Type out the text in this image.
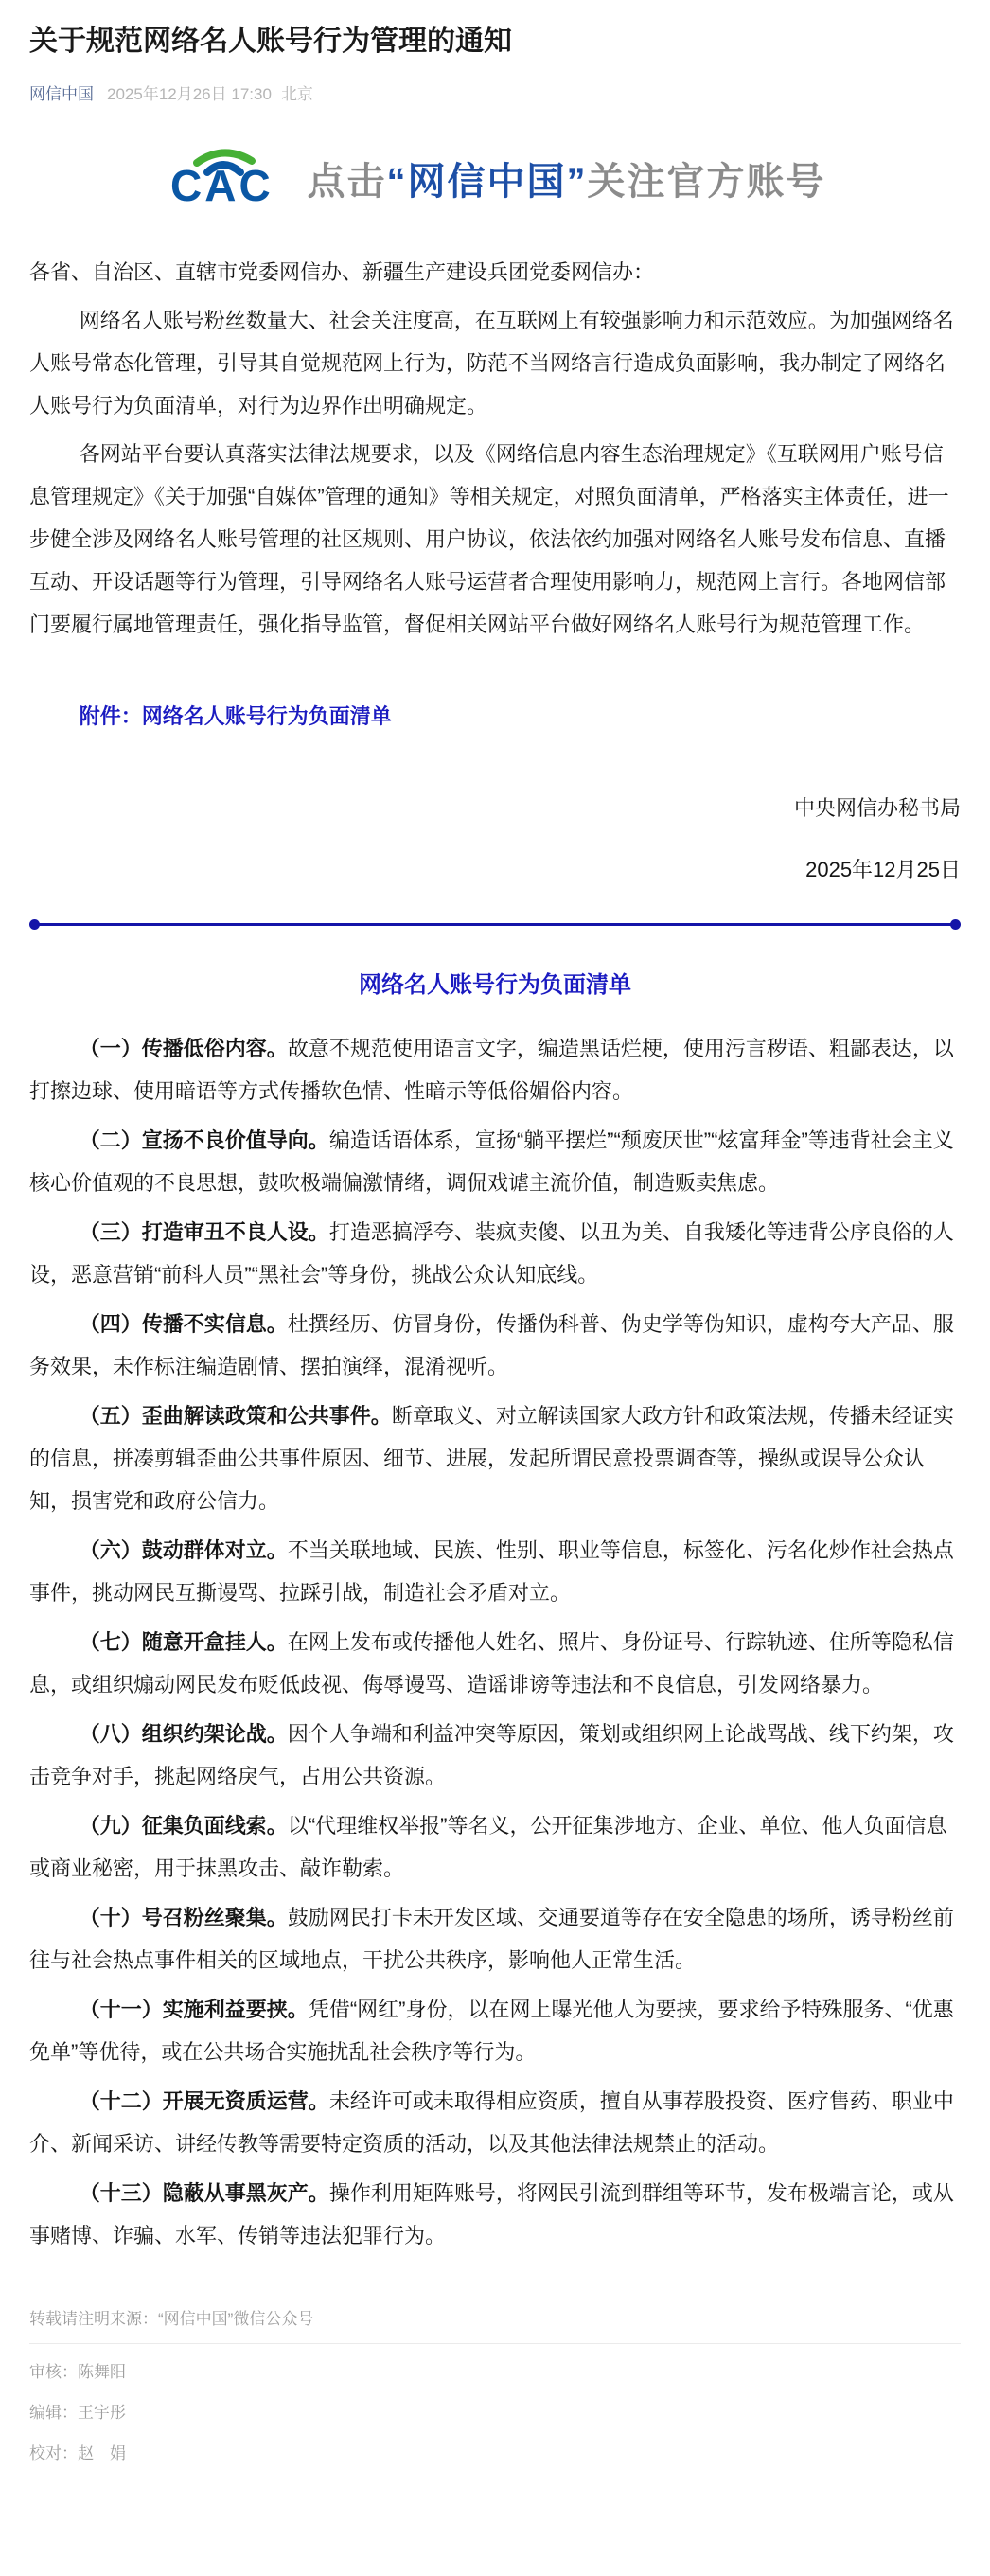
关于规范网络名人账号行为管理的通知
网信中国 2025年12月26日 17:30 北京
CAC 点击“网信中国”关注官方账号

各省、自治区、直辖市党委网信办、新疆生产建设兵团党委网信办：

网络名人账号粉丝数量大、社会关注度高，在互联网上有较强影响力和示范效应。为加强网络名人账号常态化管理，引导其自觉规范网上行为，防范不当网络言行造成负面影响，我办制定了网络名人账号行为负面清单，对行为边界作出明确规定。

各网站平台要认真落实法律法规要求，以及《网络信息内容生态治理规定》《互联网用户账号信息管理规定》《关于加强“自媒体”管理的通知》等相关规定，对照负面清单，严格落实主体责任，进一步健全涉及网络名人账号管理的社区规则、用户协议，依法依约加强对网络名人账号发布信息、直播互动、开设话题等行为管理，引导网络名人账号运营者合理使用影响力，规范网上言行。各地网信部门要履行属地管理责任，强化指导监管，督促相关网站平台做好网络名人账号行为规范管理工作。

附件：网络名人账号行为负面清单
中央网信办秘书局
2025年12月25日
网络名人账号行为负面清单
（一）传播低俗内容。故意不规范使用语言文字，编造黑话烂梗，使用污言秽语、粗鄙表达，以打擦边球、使用暗语等方式传播软色情、性暗示等低俗媚俗内容。
（二）宣扬不良价值导向。编造话语体系，宣扬“躺平摆烂”“颓废厌世”“炫富拜金”等违背社会主义核心价值观的不良思想，鼓吹极端偏激情绪，调侃戏谑主流价值，制造贩卖焦虑。
（三）打造审丑不良人设。打造恶搞浮夸、装疯卖傻、以丑为美、自我矮化等违背公序良俗的人设，恶意营销“前科人员”“黑社会”等身份，挑战公众认知底线。
（四）传播不实信息。杜撰经历、仿冒身份，传播伪科普、伪史学等伪知识，虚构夸大产品、服务效果，未作标注编造剧情、摆拍演绎，混淆视听。
（五）歪曲解读政策和公共事件。断章取义、对立解读国家大政方针和政策法规，传播未经证实的信息，拼凑剪辑歪曲公共事件原因、细节、进展，发起所谓民意投票调查等，操纵或误导公众认知，损害党和政府公信力。
（六）鼓动群体对立。不当关联地域、民族、性别、职业等信息，标签化、污名化炒作社会热点事件，挑动网民互撕谩骂、拉踩引战，制造社会矛盾对立。
（七）随意开盒挂人。在网上发布或传播他人姓名、照片、身份证号、行踪轨迹、住所等隐私信息，或组织煽动网民发布贬低歧视、侮辱谩骂、造谣诽谤等违法和不良信息，引发网络暴力。
（八）组织约架论战。因个人争端和利益冲突等原因，策划或组织网上论战骂战、线下约架，攻击竞争对手，挑起网络戾气，占用公共资源。
（九）征集负面线索。以“代理维权举报”等名义，公开征集涉地方、企业、单位、他人负面信息或商业秘密，用于抹黑攻击、敲诈勒索。
（十）号召粉丝聚集。鼓励网民打卡未开发区域、交通要道等存在安全隐患的场所，诱导粉丝前往与社会热点事件相关的区域地点，干扰公共秩序，影响他人正常生活。
（十一）实施利益要挟。凭借“网红”身份，以在网上曝光他人为要挟，要求给予特殊服务、“优惠免单”等优待，或在公共场合实施扰乱社会秩序等行为。
（十二）开展无资质运营。未经许可或未取得相应资质，擅自从事荐股投资、医疗售药、职业中介、新闻采访、讲经传教等需要特定资质的活动，以及其他法律法规禁止的活动。
（十三）隐蔽从事黑灰产。操作利用矩阵账号，将网民引流到群组等环节，发布极端言论，或从事赌博、诈骗、水军、传销等违法犯罪行为。
转载请注明来源：“网信中国”微信公众号
审核：陈舞阳
编辑：王宇彤
校对：赵　娟
